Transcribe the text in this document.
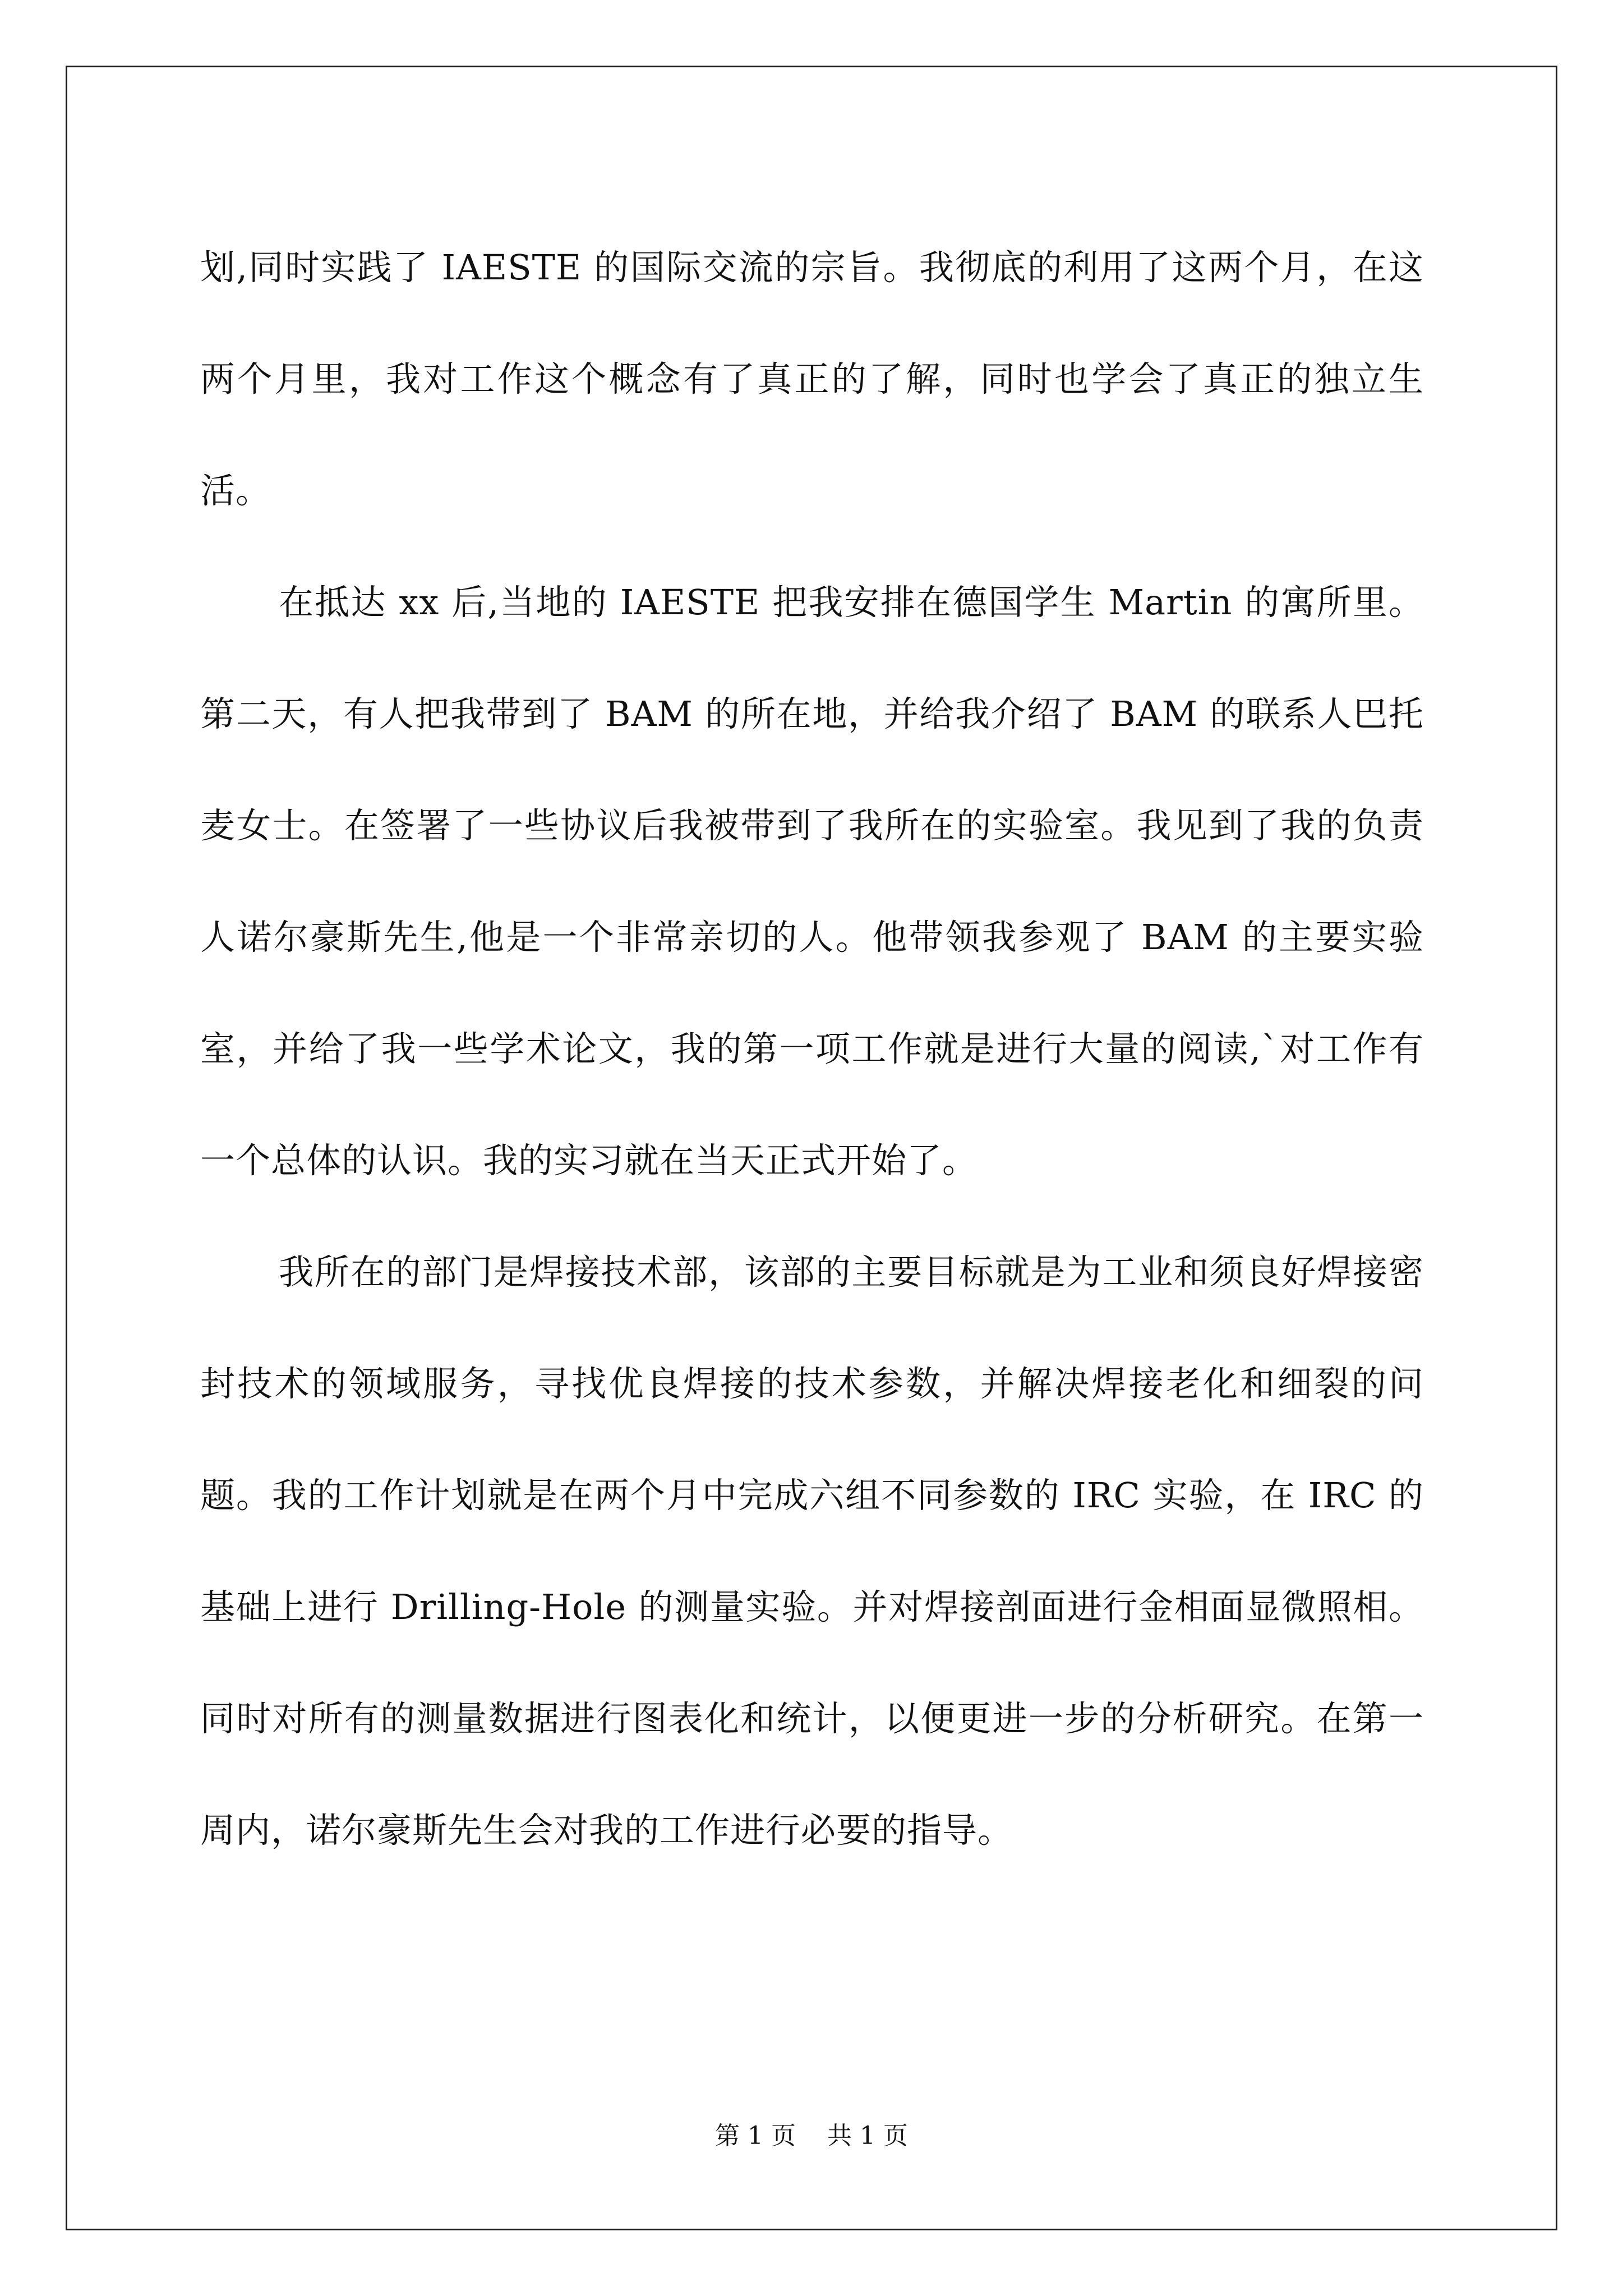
划,同时实践了 IAESTE 的国际交流的宗旨。我彻底的利用了这两个月，在这两个月里，我对工作这个概念有了真正的了解，同时也学会了真正的独立生活。

在抵达 xx 后,当地的 IAESTE 把我安排在德国学生 Martin 的寓所里。第二天，有人把我带到了 BAM 的所在地，并给我介绍了 BAM 的联系人巴托麦女士。在签署了一些协议后我被带到了我所在的实验室。我见到了我的负责人诺尔豪斯先生,他是一个非常亲切的人。他带领我参观了 BAM 的主要实验室，并给了我一些学术论文，我的第一项工作就是进行大量的阅读,`对工作有一个总体的认识。我的实习就在当天正式开始了。

我所在的部门是焊接技术部，该部的主要目标就是为工业和须良好焊接密封技术的领域服务，寻找优良焊接的技术参数，并解决焊接老化和细裂的问题。我的工作计划就是在两个月中完成六组不同参数的 IRC 实验，在 IRC 的基础上进行 Drilling-Hole 的测量实验。并对焊接剖面进行金相面显微照相。同时对所有的测量数据进行图表化和统计，以便更进一步的分析研究。在第一周内，诺尔豪斯先生会对我的工作进行必要的指导。

第 1 页 共 1 页
